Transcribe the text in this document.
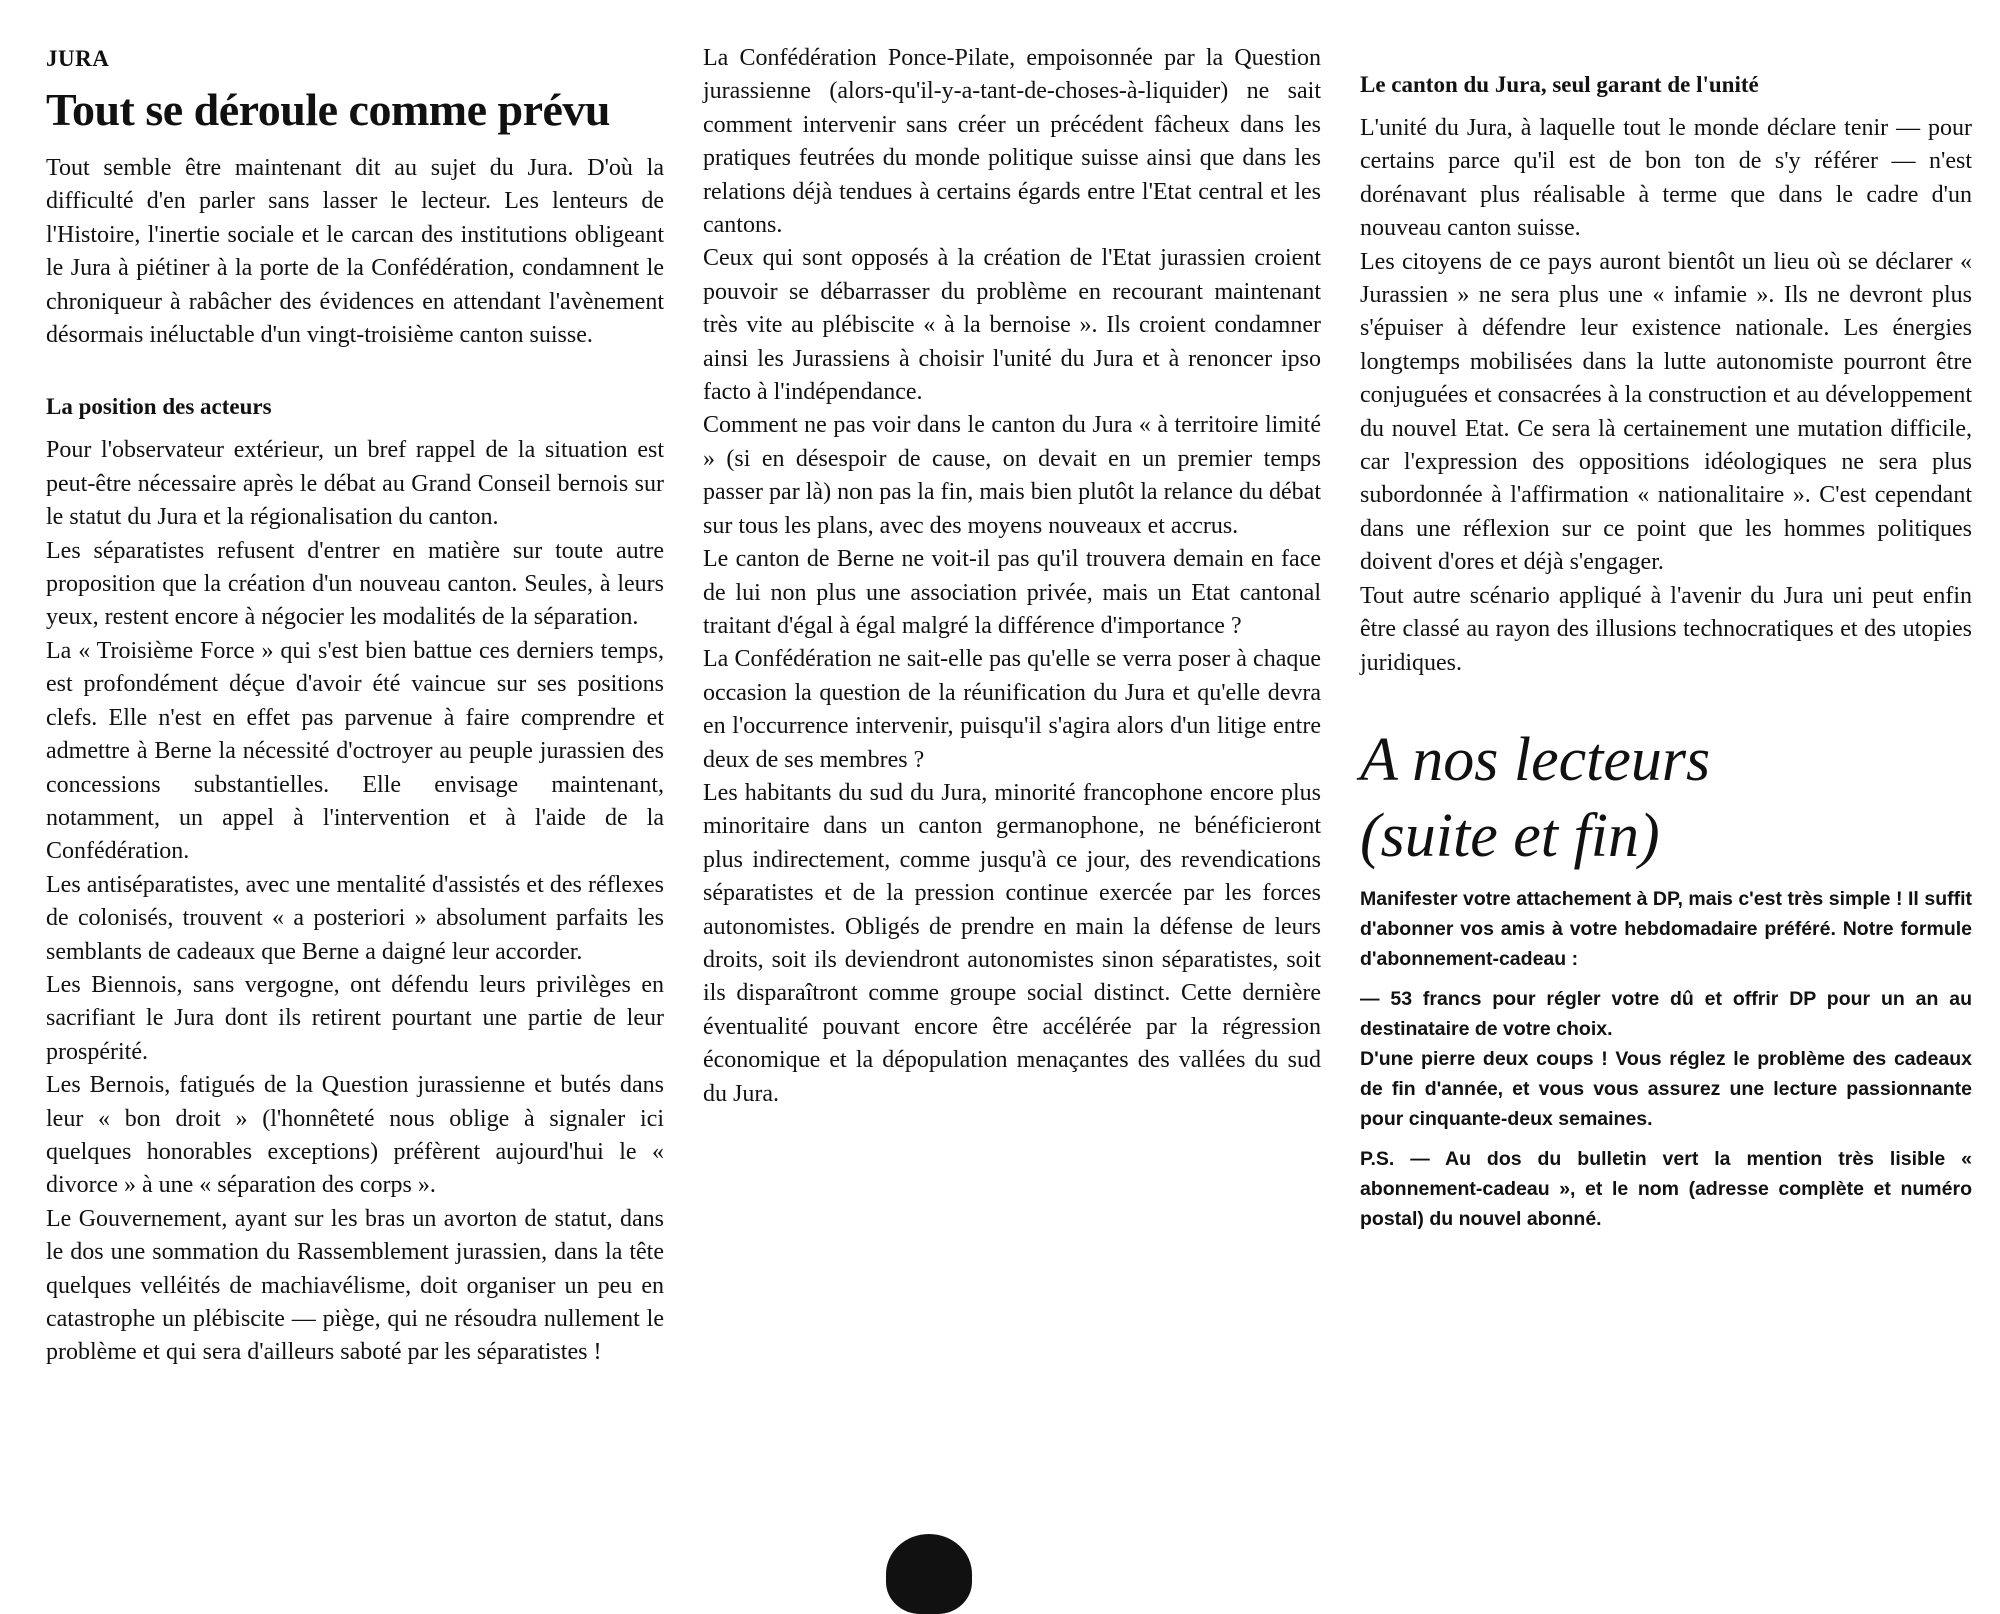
JURA
Tout se déroule comme prévu

Tout semble être maintenant dit au sujet du Jura. D'où la difficulté d'en parler sans lasser le lecteur. Les lenteurs de l'Histoire, l'inertie sociale et le carcan des institutions obligeant le Jura à piétiner à la porte de la Confédération, condamnent le chroniqueur à rabâcher des évidences en attendant l'avènement désormais inéluctable d'un vingt-troisième canton suisse.

La position des acteurs

Pour l'observateur extérieur, un bref rappel de la situation est peut-être nécessaire après le débat au Grand Conseil bernois sur le statut du Jura et la régionalisation du canton.

Les séparatistes refusent d'entrer en matière sur toute autre proposition que la création d'un nouveau canton. Seules, à leurs yeux, restent encore à négocier les modalités de la séparation.

La « Troisième Force » qui s'est bien battue ces derniers temps, est profondément déçue d'avoir été vaincue sur ses positions clefs. Elle n'est en effet pas parvenue à faire comprendre et admettre à Berne la nécessité d'octroyer au peuple jurassien des concessions substantielles. Elle envisage maintenant, notamment, un appel à l'intervention et à l'aide de la Confédération.

Les antiséparatistes, avec une mentalité d'assistés et des réflexes de colonisés, trouvent « a posteriori » absolument parfaits les semblants de cadeaux que Berne a daigné leur accorder.

Les Biennois, sans vergogne, ont défendu leurs privilèges en sacrifiant le Jura dont ils retirent pourtant une partie de leur prospérité.

Les Bernois, fatigués de la Question jurassienne et butés dans leur « bon droit » (l'honnêteté nous oblige à signaler ici quelques honorables exceptions) préfèrent aujourd'hui le « divorce » à une « séparation des corps ».

Le Gouvernement, ayant sur les bras un avorton de statut, dans le dos une sommation du Rassemblement jurassien, dans la tête quelques velléités de machiavélisme, doit organiser un peu en catastrophe un plébiscite — piège, qui ne résoudra nullement le problème et qui sera d'ailleurs saboté par les séparatistes !

La Confédération Ponce-Pilate, empoisonnée par la Question jurassienne (alors-qu'il-y-a-tant-de-choses-à-liquider) ne sait comment intervenir sans créer un précédent fâcheux dans les pratiques feutrées du monde politique suisse ainsi que dans les relations déjà tendues à certains égards entre l'Etat central et les cantons.

Ceux qui sont opposés à la création de l'Etat jurassien croient pouvoir se débarrasser du problème en recourant maintenant très vite au plébiscite « à la bernoise ». Ils croient condamner ainsi les Jurassiens à choisir l'unité du Jura et à renoncer ipso facto à l'indépendance.

Comment ne pas voir dans le canton du Jura « à territoire limité » (si en désespoir de cause, on devait en un premier temps passer par là) non pas la fin, mais bien plutôt la relance du débat sur tous les plans, avec des moyens nouveaux et accrus.

Le canton de Berne ne voit-il pas qu'il trouvera demain en face de lui non plus une association privée, mais un Etat cantonal traitant d'égal à égal malgré la différence d'importance ?

La Confédération ne sait-elle pas qu'elle se verra poser à chaque occasion la question de la réunification du Jura et qu'elle devra en l'occurrence intervenir, puisqu'il s'agira alors d'un litige entre deux de ses membres ?

Les habitants du sud du Jura, minorité francophone encore plus minoritaire dans un canton germanophone, ne bénéficieront plus indirectement, comme jusqu'à ce jour, des revendications séparatistes et de la pression continue exercée par les forces autonomistes. Obligés de prendre en main la défense de leurs droits, soit ils deviendront autonomistes sinon séparatistes, soit ils disparaîtront comme groupe social distinct. Cette dernière éventualité pouvant encore être accélérée par la régression économique et la dépopulation menaçantes des vallées du sud du Jura.

Le canton du Jura, seul garant de l'unité

L'unité du Jura, à laquelle tout le monde déclare tenir — pour certains parce qu'il est de bon ton de s'y référer — n'est dorénavant plus réalisable à terme que dans le cadre d'un nouveau canton suisse.

Les citoyens de ce pays auront bientôt un lieu où se déclarer « Jurassien » ne sera plus une « infamie ». Ils ne devront plus s'épuiser à défendre leur existence nationale. Les énergies longtemps mobilisées dans la lutte autonomiste pourront être conjuguées et consacrées à la construction et au développement du nouvel Etat. Ce sera là certainement une mutation difficile, car l'expression des oppositions idéologiques ne sera plus subordonnée à l'affirmation « nationalitaire ». C'est cependant dans une réflexion sur ce point que les hommes politiques doivent d'ores et déjà s'engager.

Tout autre scénario appliqué à l'avenir du Jura uni peut enfin être classé au rayon des illusions technocratiques et des utopies juridiques.

A nos lecteurs
(suite et fin)

Manifester votre attachement à DP, mais c'est très simple ! Il suffit d'abonner vos amis à votre hebdomadaire préféré. Notre formule d'abonnement-cadeau :

— 53 francs pour régler votre dû et offrir DP pour un an au destinataire de votre choix.

D'une pierre deux coups ! Vous réglez le problème des cadeaux de fin d'année, et vous vous assurez une lecture passionnante pour cinquante-deux semaines.

P.S. — Au dos du bulletin vert la mention très lisible « abonnement-cadeau », et le nom (adresse complète et numéro postal) du nouvel abonné.
